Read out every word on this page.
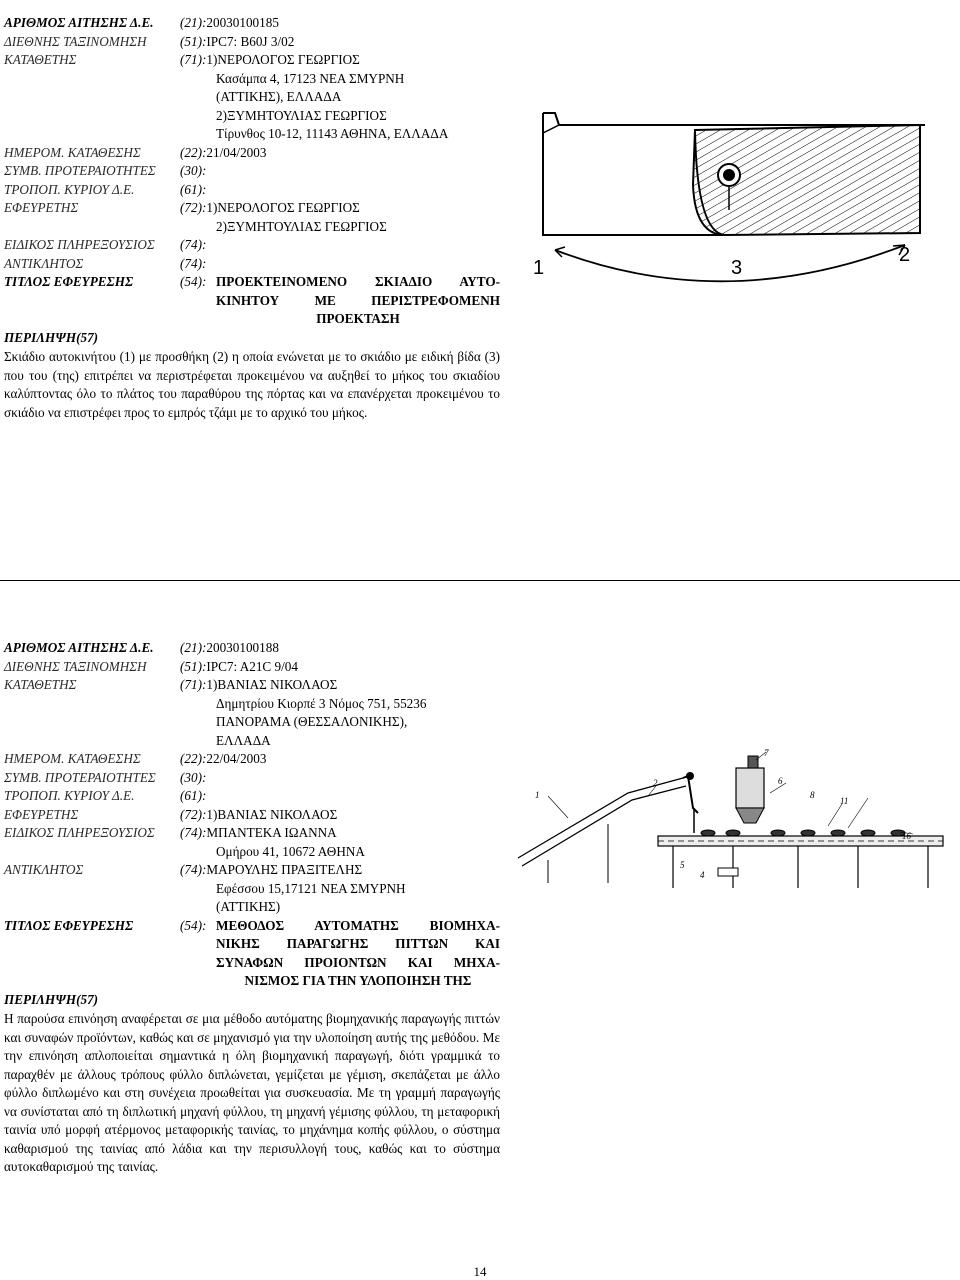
ΑΡΙΘΜΟΣ ΑΙΤΗΣΗΣ Δ.Ε. (21):20030100185
ΔΙΕΘΝΗΣ ΤΑΞΙΝΟΜΗΣΗ	(51):IPC7: B60J 3/02
ΚΑΤΑΘΕΤΗΣ	(71):1)ΝΕΡΟΛΟΓΟΣ ΓΕΩΡΓΙΟΣ
Κασάμπα 4, 17123 ΝΕΑ ΣΜΥΡΝΗ
(ΑΤΤΙΚΗΣ), ΕΛΛΑΔΑ
2)ΞΥΜΗΤΟΥΛΙΑΣ ΓΕΩΡΓΙΟΣ
Τίρυνθος 10-12, 11143 ΑΘΗΝΑ, ΕΛΛΑΔΑ
ΗΜΕΡΟΜ. ΚΑΤΑΘΕΣΗΣ	(22):21/04/2003
ΣΥΜΒ. ΠΡΟΤΕΡΑΙΟΤΗΤΕΣ (30):
ΤΡΟΠΟΠ. ΚΥΡΙΟΥ Δ.Ε.	(61):
ΕΦΕΥΡΕΤΗΣ	(72):1)ΝΕΡΟΛΟΓΟΣ ΓΕΩΡΓΙΟΣ
2)ΞΥΜΗΤΟΥΛΙΑΣ ΓΕΩΡΓΙΟΣ
ΕΙΔΙΚΟΣ ΠΛΗΡΕΞΟΥΣΙΟΣ (74):
ΑΝΤΙΚΛΗΤΟΣ	(74):
ΤΙΤΛΟΣ ΕΦΕΥΡΕΣΗΣ	(54): ΠΡΟΕΚΤΕΙΝΟΜΕΝΟ ΣΚΙΑΔΙΟ ΑΥΤΟ-
ΚΙΝΗΤΟΥ ΜΕ ΠΕΡΙΣΤΡΕΦΟΜΕΝΗ
ΠΡΟΕΚΤΑΣΗ
ΠΕΡΙΛΗΨΗ(57)
Σκιάδιο αυτοκινήτου (1) με προσθήκη (2) η οποία ενώνεται με το σκιάδιο με ειδική βίδα (3) που του (της) επιτρέπει να περιστρέφεται προκειμένου να αυξηθεί το μήκος του σκιαδίου καλύπτοντας όλο το πλάτος του παραθύρου της πόρτας και να επανέρχεται προκειμένου το σκιάδιο να επιστρέφει προς το εμπρός τζάμι με το αρχικό του μήκος.
1	3
2
ΑΡΙΘΜΟΣ ΑΙΤΗΣΗΣ Δ.Ε. (21):20030100188
ΔΙΕΘΝΗΣ ΤΑΞΙΝΟΜΗΣΗ	(51):IPC7: A21C 9/04
ΚΑΤΑΘΕΤΗΣ	(71):1)ΒΑΝΙΑΣ ΝΙΚΟΛΑΟΣ
Δημητρίου Κιορπέ 3 Νόμος 751, 55236
ΠΑΝΟΡΑΜΑ (ΘΕΣΣΑΛΟΝΙΚΗΣ),
ΕΛΛΑΔΑ
ΗΜΕΡΟΜ. ΚΑΤΑΘΕΣΗΣ	(22):22/04/2003
ΣΥΜΒ. ΠΡΟΤΕΡΑΙΟΤΗΤΕΣ (30):
ΤΡΟΠΟΠ. ΚΥΡΙΟΥ Δ.Ε.	(61):
ΕΦΕΥΡΕΤΗΣ	(72):1)ΒΑΝΙΑΣ ΝΙΚΟΛΑΟΣ
ΕΙΔΙΚΟΣ ΠΛΗΡΕΞΟΥΣΙΟΣ (74):ΜΠΑΝΤΕΚΑ ΙΩΑΝΝΑ
Ομήρου 41, 10672 ΑΘΗΝΑ
ΑΝΤΙΚΛΗΤΟΣ	(74):ΜΑΡΟΥΛΗΣ ΠΡΑΞΙΤΕΛΗΣ
Εφέσσου 15,17121 ΝΕΑ ΣΜΥΡΝΗ
(ΑΤΤΙΚΗΣ)
ΤΙΤΛΟΣ ΕΦΕΥΡΕΣΗΣ	(54): ΜΕΘΟΔΟΣ ΑΥΤΟΜΑΤΗΣ ΒΙΟΜΗΧΑ-
ΝΙΚΗΣ ΠΑΡΑΓΩΓΗΣ ΠΙΤΤΩΝ ΚΑΙ
ΣΥΝΑΦΩΝ ΠΡΟΙΟΝΤΩΝ ΚΑΙ ΜΗΧΑ-
ΝΙΣΜΟΣ ΓΙΑ ΤΗΝ ΥΛΟΠΟΙΗΣΗ ΤΗΣ
ΠΕΡΙΛΗΨΗ(57)
Η παρούσα επινόηση αναφέρεται σε μια μέθοδο αυτόματης βιομηχανικής παραγωγής πιττών και συναφών προϊόντων, καθώς και σε μηχανισμό για την υλοποίηση αυτής της μεθόδου. Με την επινόηση απλοποιείται σημαντικά η όλη βιομηχανική παραγωγή, διότι γραμμικά το παραχθέν με άλλους τρόπους φύλλο διπλώνεται, γεμίζεται με γέμιση, σκεπάζεται με άλλο φύλλο διπλωμένο και στη συνέχεια προωθείται για συσκευασία. Με τη γραμμή παραγωγής να συνίσταται από τη διπλωτική μηχανή φύλλου, τη μηχανή γέμισης φύλλου, τη μεταφορική ταινία υπό μορφή ατέρμονος μεταφορικής ταινίας, το μηχάνημα κοπής φύλλου, ο σύστημα καθαρισμού της ταινίας από λάδια και την περισυλλογή τους, καθώς και το σύστημα αυτοκαθαρισμού της ταινίας.
7
2	6
8
1
11
16
5
4
14
